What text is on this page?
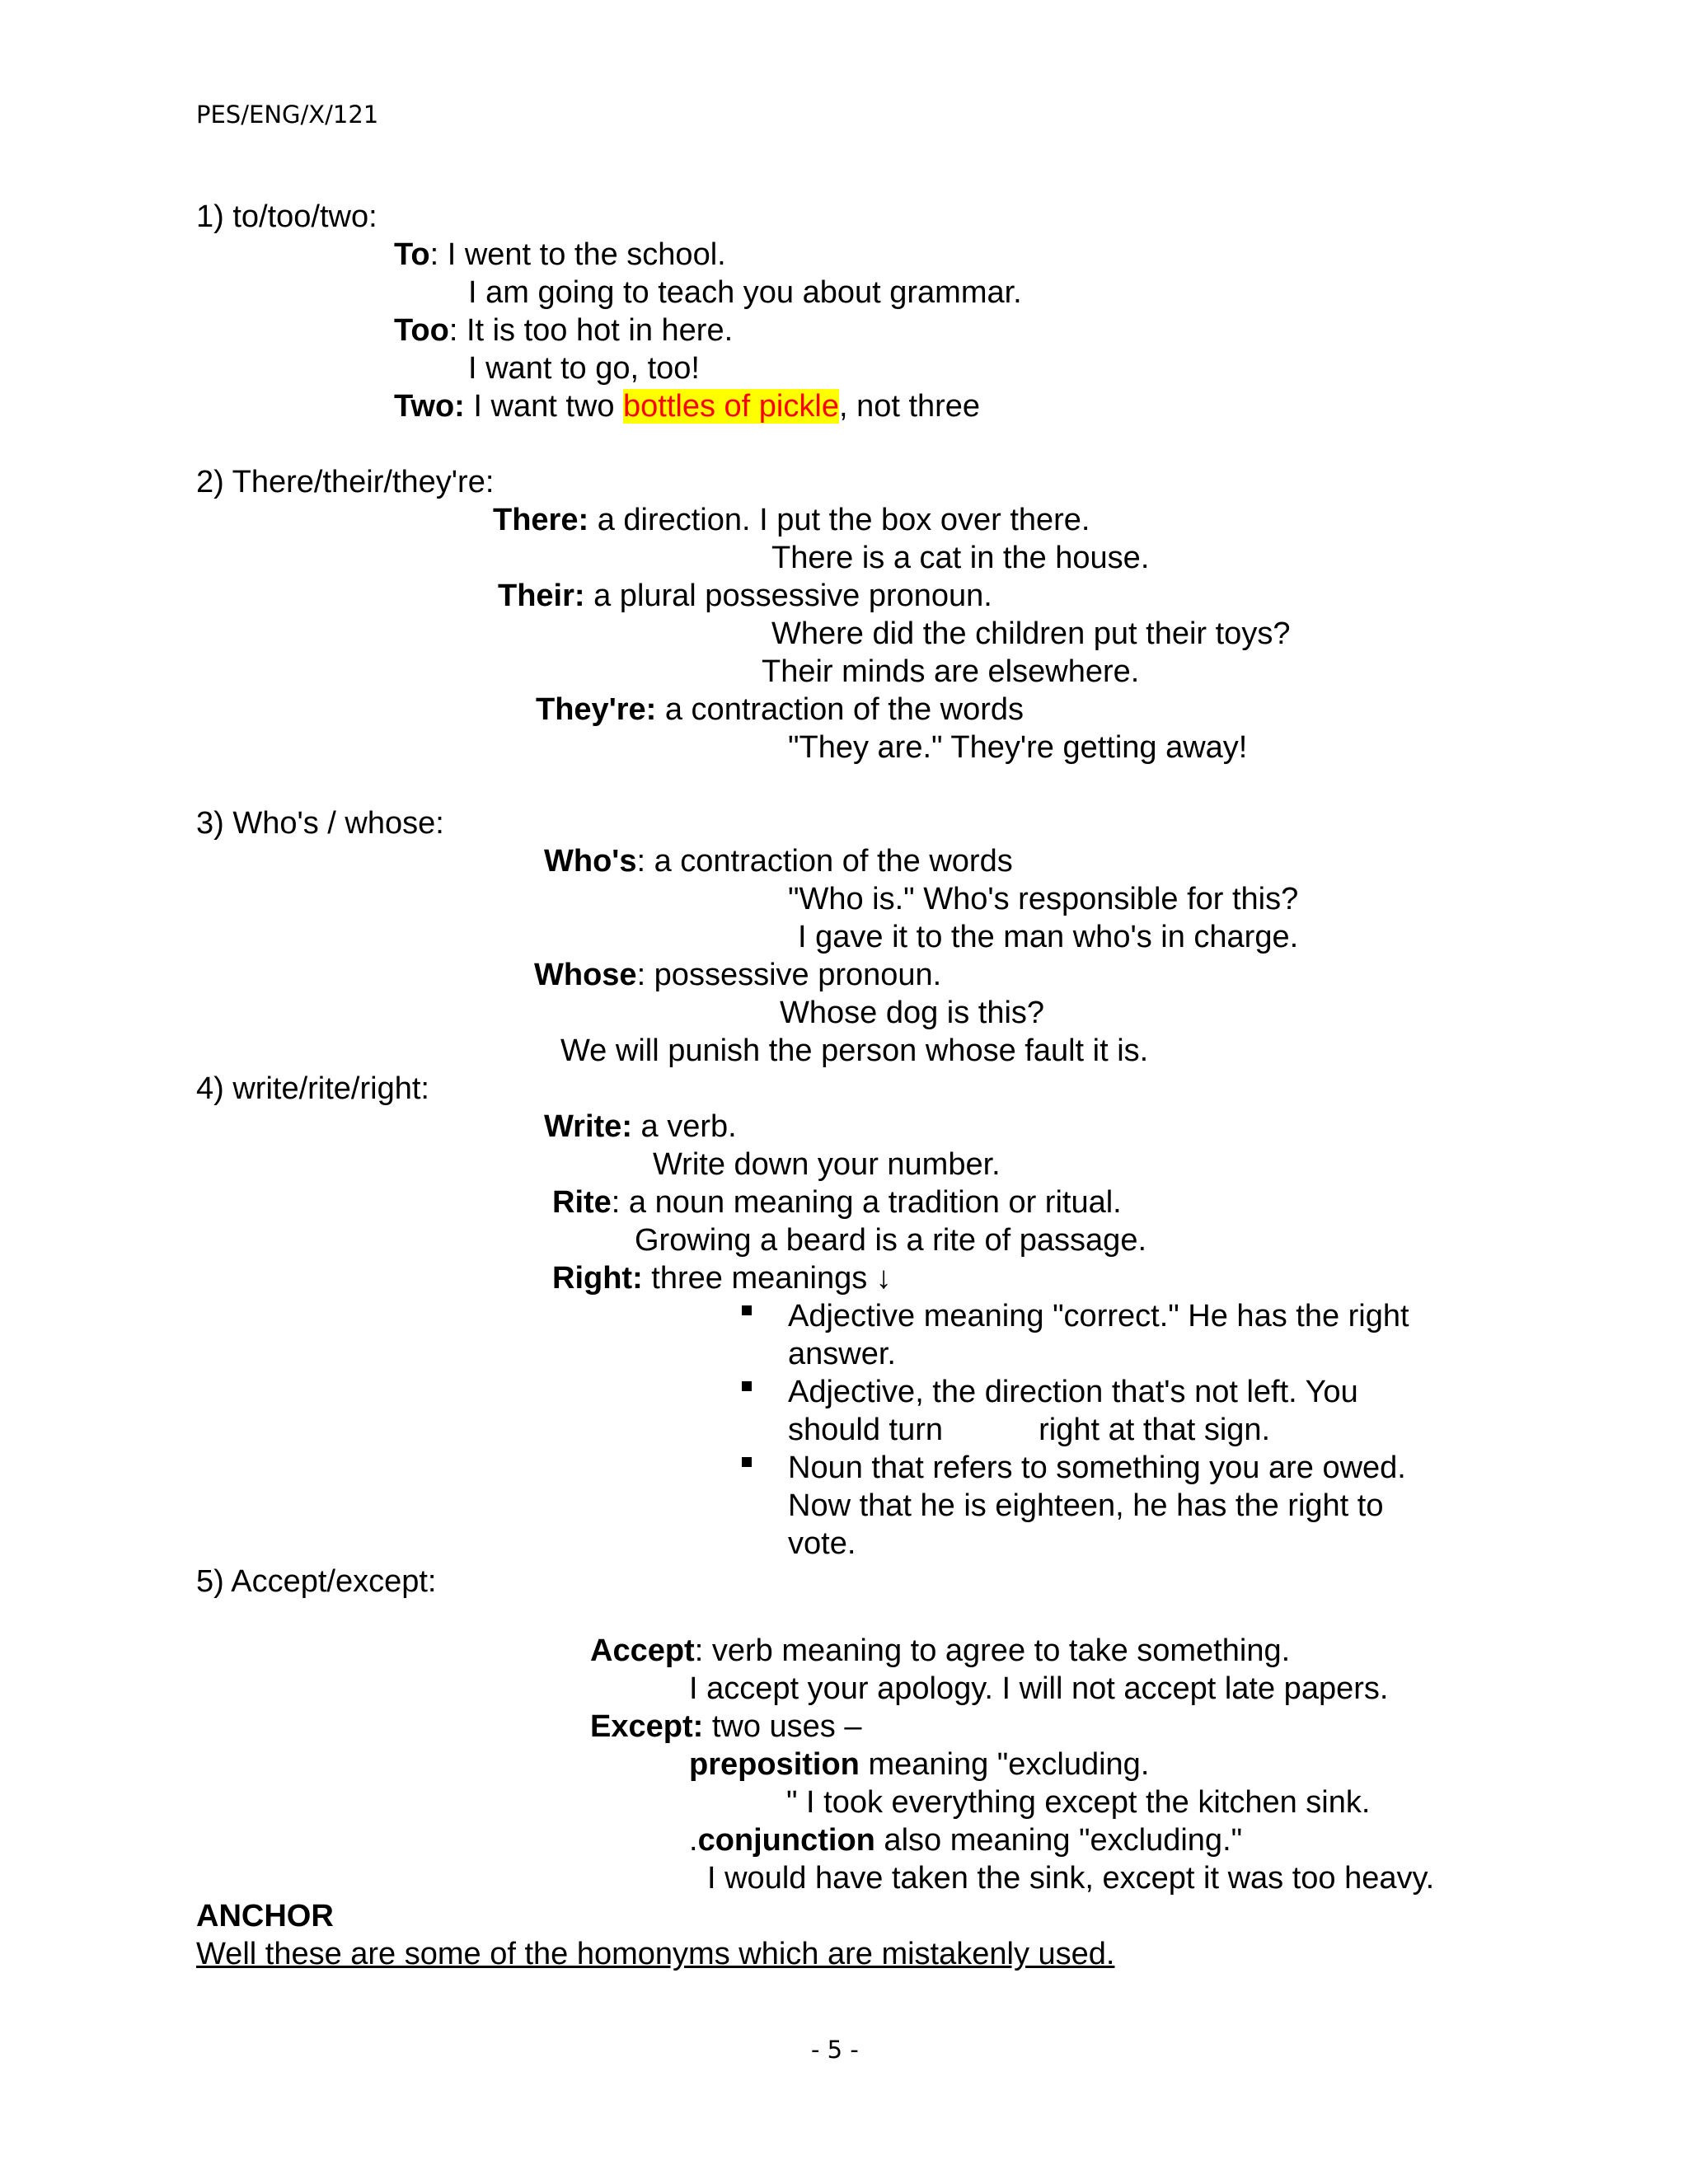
PES/ENG/X/121
1) to/too/two:
To: I went to the school.
I am going to teach you about grammar.
Too: It is too hot in here.
I want to go, too!
Two: I want two bottles of pickle, not three
2) There/their/they're:
There: a direction. I put the box over there.
There is a cat in the house.
Their: a plural possessive pronoun.
Where did the children put their toys?
Their minds are elsewhere.
They're: a contraction of the words
"They are." They're getting away!
3) Who's / whose:
Who's: a contraction of the words
"Who is." Who's responsible for this?
I gave it to the man who's in charge.
Whose: possessive pronoun.
Whose dog is this?
We will punish the person whose fault it is.
4) write/rite/right:
Write: a verb.
Write down your number.
Rite: a noun meaning a tradition or ritual.
Growing a beard is a rite of passage.
Right: three meanings ↓
Adjective meaning "correct." He has the right
answer.
Adjective, the direction that's not left. You
should turn           right at that sign.
Noun that refers to something you are owed.
Now that he is eighteen, he has the right to
vote.
5) Accept/except:
Accept: verb meaning to agree to take something.
I accept your apology. I will not accept late papers.
Except: two uses –
preposition meaning "excluding.
" I took everything except the kitchen sink.
.conjunction also meaning "excluding."
I would have taken the sink, except it was too heavy.
ANCHOR
Well these are some of the homonyms which are mistakenly used.
- 5 -
